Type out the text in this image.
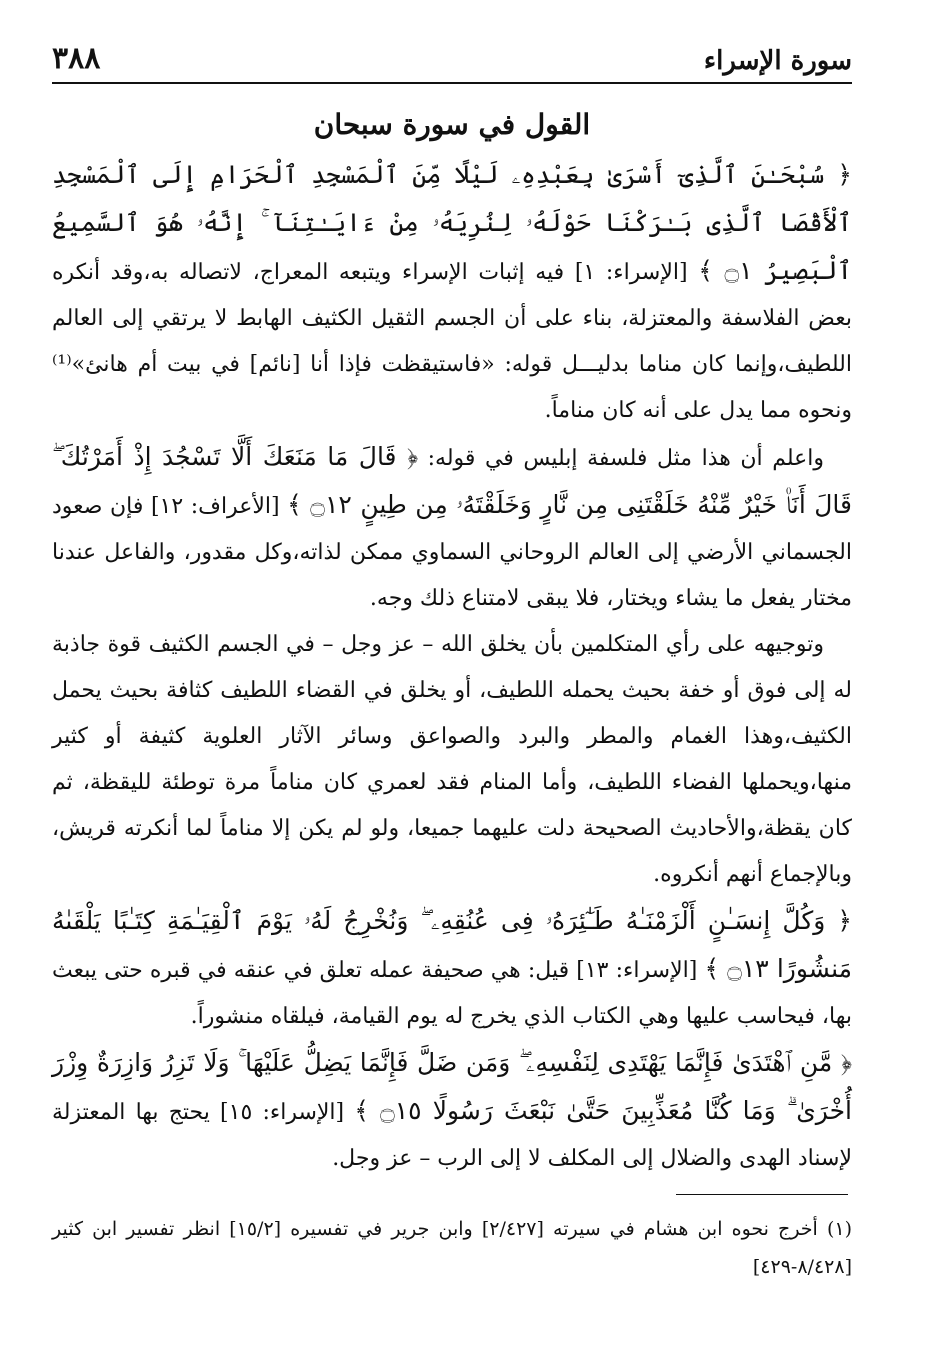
سورة الإسراء
٣٨٨
القول في سورة سبحان

﴿ سُبْحَـٰنَ ٱلَّذِىٓ أَسْرَىٰ بِعَبْدِهِۦ لَيْلًا مِّنَ ٱلْمَسْجِدِ ٱلْحَرَامِ إِلَى ٱلْمَسْجِدِ ٱلْأَقْصَا ٱلَّذِى بَـٰرَكْنَا حَوْلَهُۥ لِنُرِيَهُۥ مِنْ ءَايَـٰتِنَآ ۚ إِنَّهُۥ هُوَ ٱلسَّمِيعُ ٱلْبَصِيرُ ۝١ ﴾ [الإسراء: ١] فيه إثبات الإسراء ويتبعه المعراج، لاتصاله به،وقد أنكره بعض الفلاسفة والمعتزلة، بناء على أن الجسم الثقيل الكثيف الهابط لا يرتقي إلى العالم اللطيف،وإنما كان مناما بدليـــل قوله: «فاستيقظت فإذا أنا [نائم] في بيت أم هانئ»⁽¹⁾ونحوه مما يدل على أنه كان مناماً.

واعلم أن هذا مثل فلسفة إبليس في قوله: ﴿ قَالَ مَا مَنَعَكَ أَلَّا تَسْجُدَ إِذْ أَمَرْتُكَ ۖ قَالَ أَنَا۠ خَيْرٌ مِّنْهُ خَلَقْتَنِى مِن نَّارٍ وَخَلَقْتَهُۥ مِن طِينٍ ۝١٢ ﴾ [الأعراف: ١٢] فإن صعود الجسماني الأرضي إلى العالم الروحاني السماوي ممكن لذاته،وكل مقدور، والفاعل عندنا مختار يفعل ما يشاء ويختار، فلا يبقى لامتناع ذلك وجه.

وتوجيهه على رأي المتكلمين بأن يخلق الله – عز وجل – في الجسم الكثيف قوة جاذبة له إلى فوق أو خفة بحيث يحمله اللطيف، أو يخلق في القضاء اللطيف كثافة بحيث يحمل الكثيف،وهذا الغمام والمطر والبرد والصواعق وسائر الآثار العلوية كثيفة أو كثير منها،ويحملها الفضاء اللطيف، وأما المنام فقد لعمري كان مناماً مرة توطئة لليقظة، ثم كان يقظة،والأحاديث الصحيحة دلت عليهما جميعا، ولو لم يكن إلا مناماً لما أنكرته قريش، وبالإجماع أنهم أنكروه.

﴿ وَكُلَّ إِنسَـٰنٍ أَلْزَمْنَـٰهُ طَـٰٓئِرَهُۥ فِى عُنُقِهِۦ ۖ وَنُخْرِجُ لَهُۥ يَوْمَ ٱلْقِيَـٰمَةِ كِتَـٰبًا يَلْقَىٰهُ مَنشُورًا ۝١٣ ﴾ [الإسراء: ١٣] قيل: هي صحيفة عمله تعلق في عنقه في قبره حتى يبعث بها، فيحاسب عليها وهي الكتاب الذي يخرج له يوم القيامة، فيلقاه منشوراً.

﴿ مَّنِ ٱهْتَدَىٰ فَإِنَّمَا يَهْتَدِى لِنَفْسِهِۦ ۖ وَمَن ضَلَّ فَإِنَّمَا يَضِلُّ عَلَيْهَا ۚ وَلَا تَزِرُ وَازِرَةٌ وِزْرَ أُخْرَىٰ ۗ وَمَا كُنَّا مُعَذِّبِينَ حَتَّىٰ نَبْعَثَ رَسُولًا ۝١٥ ﴾ [الإسراء: ١٥] يحتج بها المعتزلة لإسناد الهدى والضلال إلى المكلف لا إلى الرب – عز وجل.

(١) أخرج نحوه ابن هشام في سيرته [٢/٤٢٧] وابن جرير في تفسيره [١٥/٢] انظر تفسير ابن كثير [٨/٤٢٨-٤٢٩]
